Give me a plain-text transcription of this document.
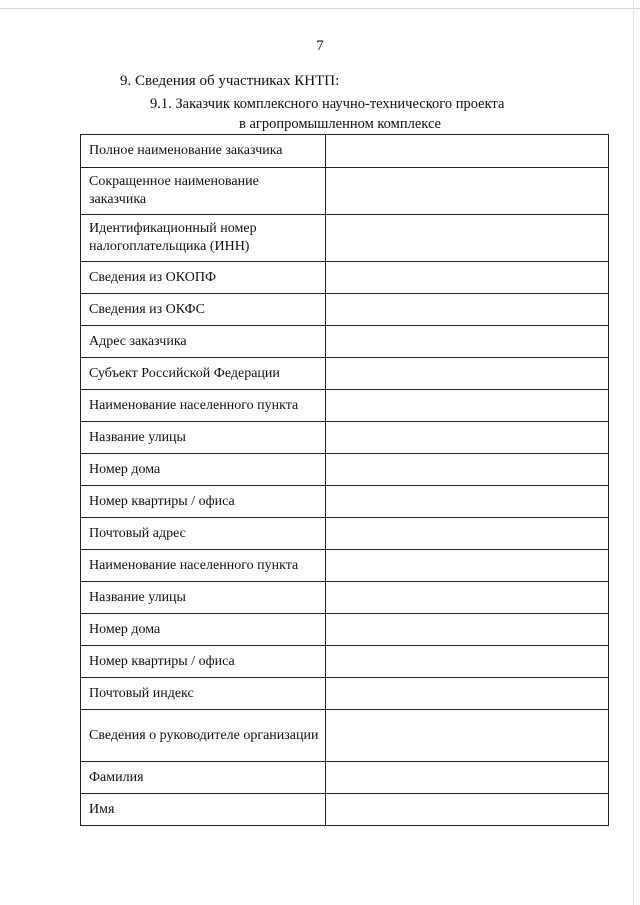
7
9. Сведения об участниках КНТП:
9.1. Заказчик комплексного научно-технического проекта
в агропромышленном комплексе
Полное наименование заказчика	
Сокращенное наименование заказчика	
Идентификационный номер налогоплательщика (ИНН)	
Сведения из ОКОПФ	
Сведения из ОКФС	
Адрес заказчика	
Субъект Российской Федерации	
Наименование населенного пункта	
Название улицы	
Номер дома	
Номер квартиры / офиса	
Почтовый адрес	
Наименование населенного пункта	
Название улицы	
Номер дома	
Номер квартиры / офиса	
Почтовый индекс	
Сведения о руководителе организации	
Фамилия	
Имя	
